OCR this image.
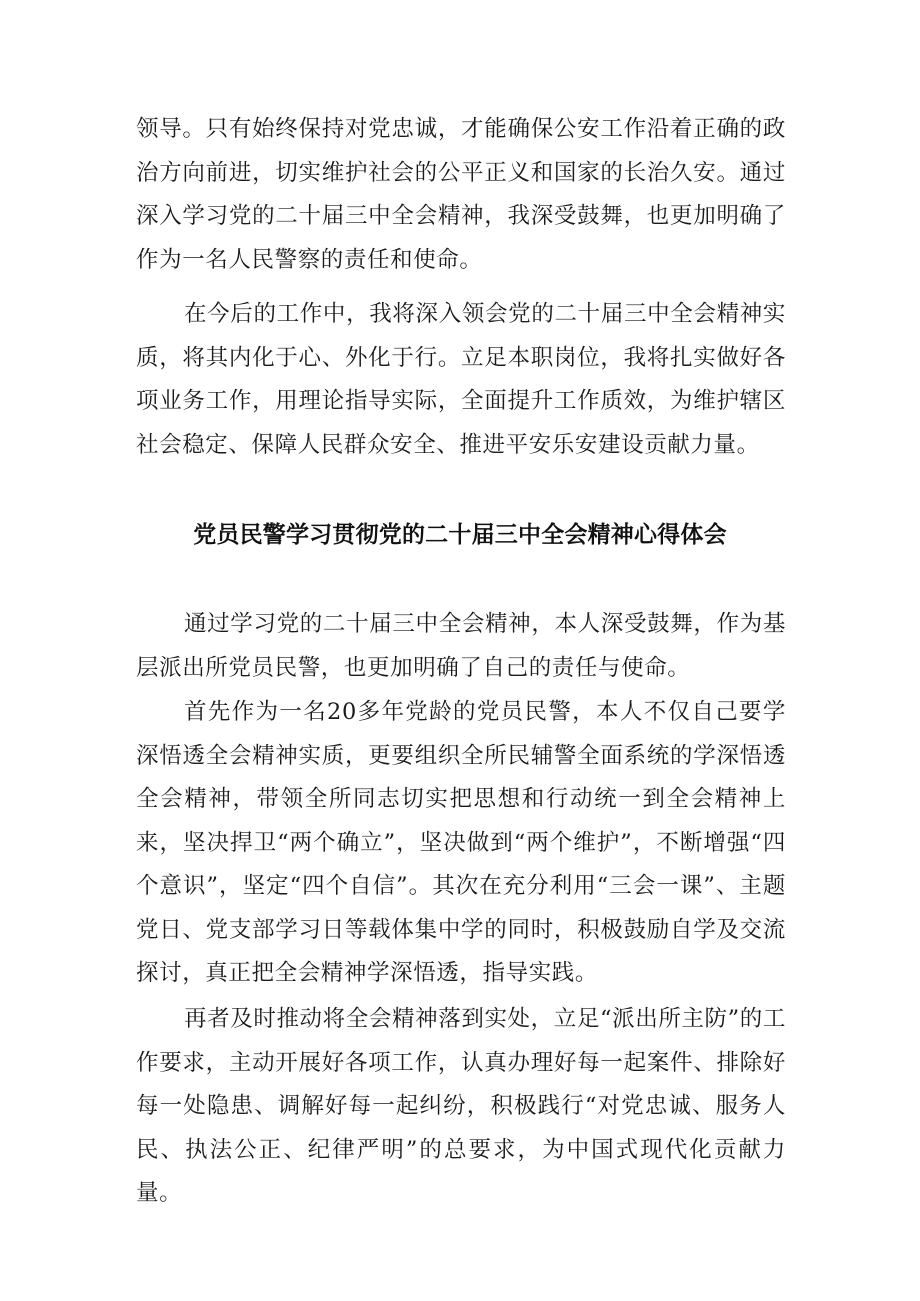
领导。只有始终保持对党忠诚，才能确保公安工作沿着正确的政治方向前进，切实维护社会的公平正义和国家的长治久安。通过深入学习党的二十届三中全会精神，我深受鼓舞，也更加明确了作为一名人民警察的责任和使命。

在今后的工作中，我将深入领会党的二十届三中全会精神实质，将其内化于心、外化于行。立足本职岗位，我将扎实做好各项业务工作，用理论指导实际，全面提升工作质效，为维护辖区社会稳定、保障人民群众安全、推进平安乐安建设贡献力量。

党员民警学习贯彻党的二十届三中全会精神心得体会

通过学习党的二十届三中全会精神，本人深受鼓舞，作为基层派出所党员民警，也更加明确了自己的责任与使命。

首先作为一名20多年党龄的党员民警，本人不仅自己要学深悟透全会精神实质，更要组织全所民辅警全面系统的学深悟透全会精神，带领全所同志切实把思想和行动统一到全会精神上来，坚决捍卫“两个确立”，坚决做到“两个维护”，不断增强“四个意识”，坚定“四个自信”。其次在充分利用“三会一课”、主题党日、党支部学习日等载体集中学的同时，积极鼓励自学及交流探讨，真正把全会精神学深悟透，指导实践。

再者及时推动将全会精神落到实处，立足“派出所主防”的工作要求，主动开展好各项工作，认真办理好每一起案件、排除好每一处隐患、调解好每一起纠纷，积极践行“对党忠诚、服务人民、执法公正、纪律严明”的总要求，为中国式现代化贡献力量。
